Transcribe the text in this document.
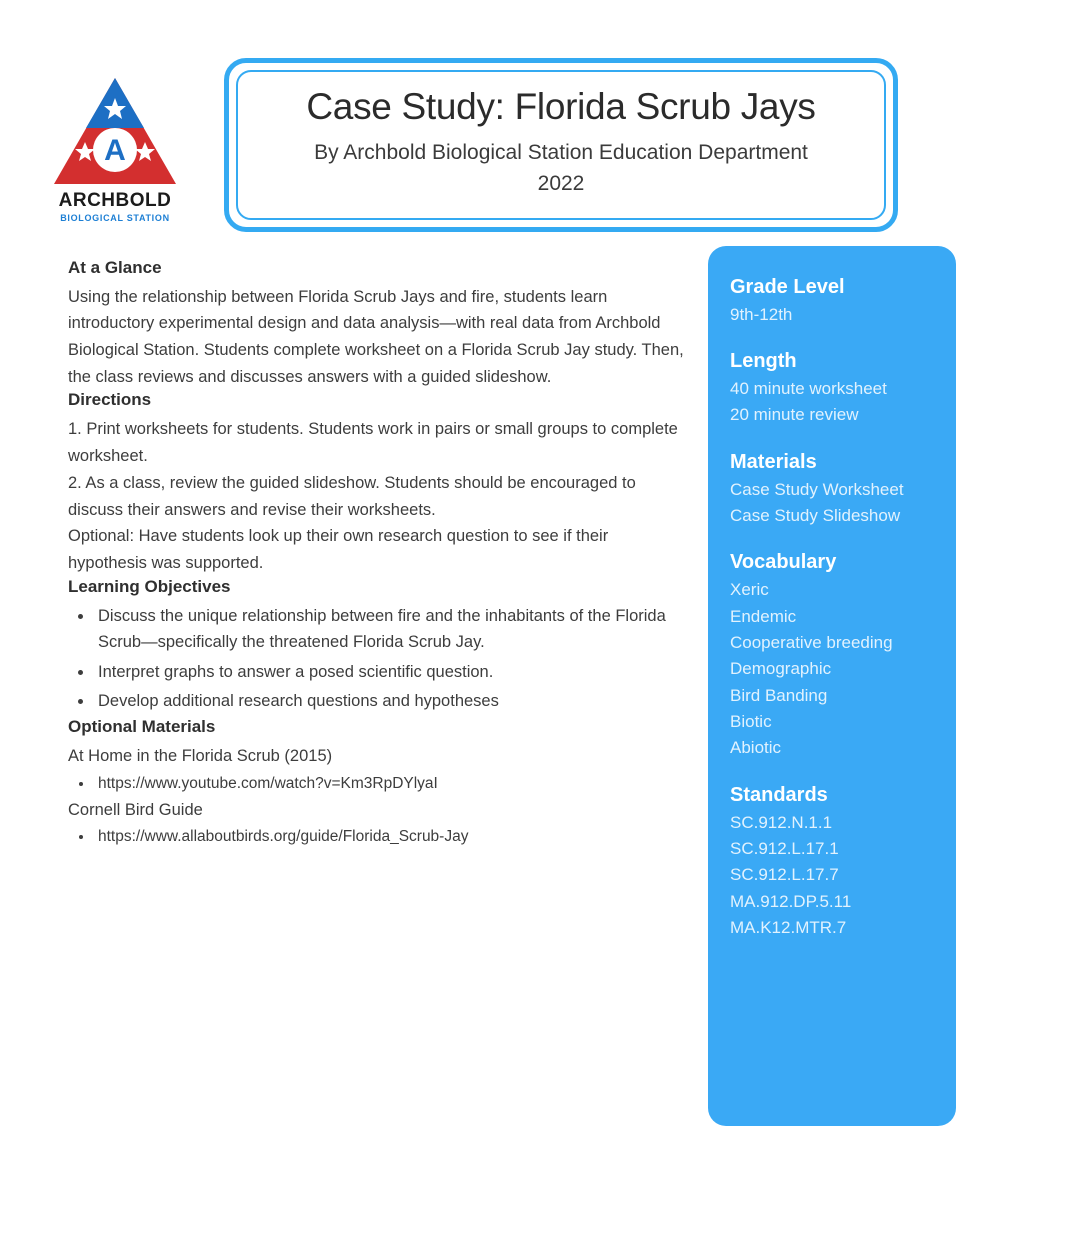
A
ARCHBOLD
BIOLOGICAL STATION
Case Study: Florida Scrub Jays
By Archbold Biological Station Education Department
2022
At a Glance

Using the relationship between Florida Scrub Jays and fire, students learn introductory experimental design and data analysis—with real data from Archbold Biological Station. Students complete worksheet on a Florida Scrub Jay study. Then, the class reviews and discusses answers with a guided slideshow.

Directions

1. Print worksheets for students. Students work in pairs or small groups to complete worksheet.

2. As a class, review the guided slideshow. Students should be encouraged to discuss their answers and revise their worksheets.

Optional: Have students look up their own research question to see if their hypothesis was supported.

Learning Objectives
• Discuss the unique relationship between fire and the inhabitants of the Florida Scrub—specifically the threatened Florida Scrub Jay.
• Interpret graphs to answer a posed scientific question.
• Develop additional research questions and hypotheses
Optional Materials

At Home in the Florida Scrub (2015)

• https://www.youtube.com/watch?v=Km3RpDYlyaI

Cornell Bird Guide

• https://www.allaboutbirds.org/guide/Florida_Scrub-Jay
Grade Level
9th-12th
Length
40 minute worksheet
20 minute review
Materials
Case Study Worksheet
Case Study Slideshow
Vocabulary
Xeric
Endemic
Cooperative breeding
Demographic
Bird Banding
Biotic
Abiotic
Standards
SC.912.N.1.1
SC.912.L.17.1
SC.912.L.17.7
MA.912.DP.5.11
MA.K12.MTR.7
